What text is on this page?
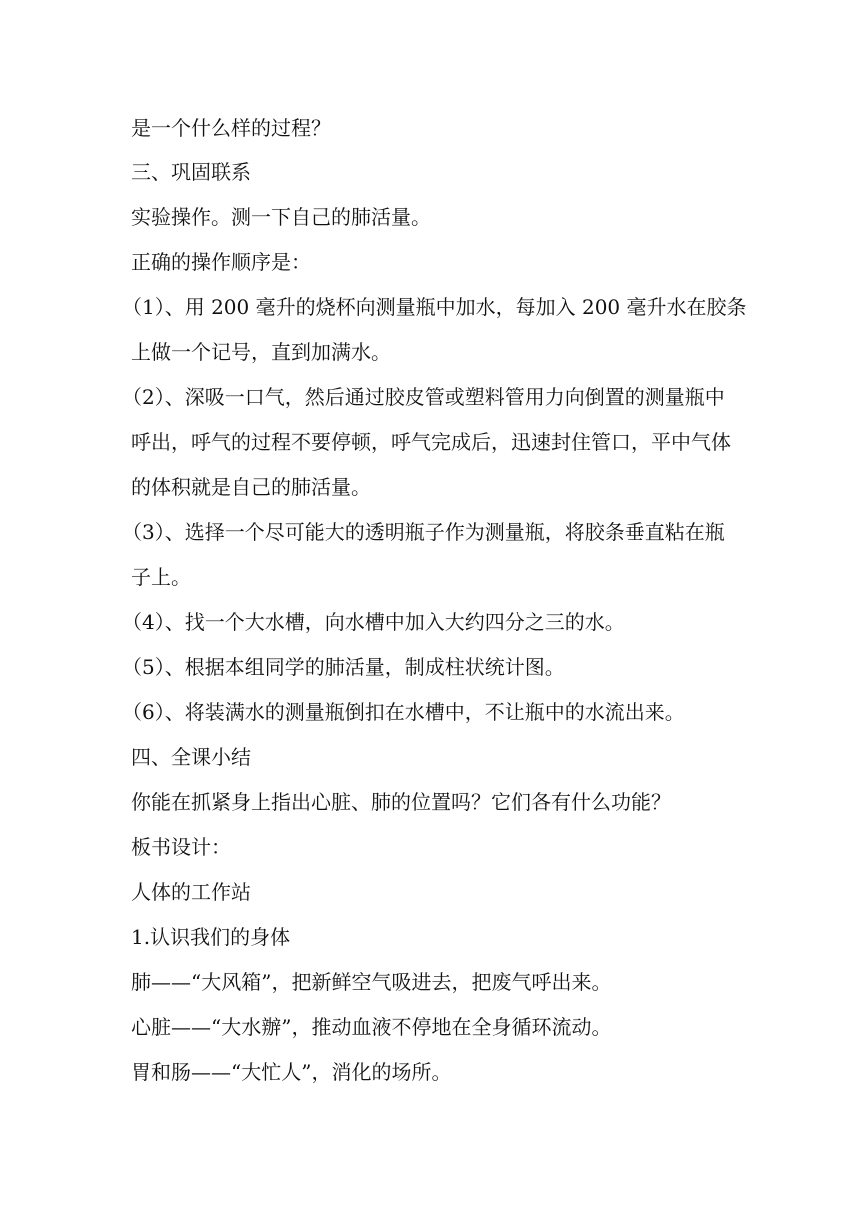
是一个什么样的过程？
三、巩固联系
实验操作。测一下自己的肺活量。
正确的操作顺序是：
（1）、用 200 毫升的烧杯向测量瓶中加水，每加入 200 毫升水在胶条
上做一个记号，直到加满水。
（2）、深吸一口气，然后通过胶皮管或塑料管用力向倒置的测量瓶中
呼出，呼气的过程不要停顿，呼气完成后，迅速封住管口，平中气体
的体积就是自己的肺活量。
（3）、选择一个尽可能大的透明瓶子作为测量瓶，将胶条垂直粘在瓶
子上。
（4）、找一个大水槽，向水槽中加入大约四分之三的水。
（5）、根据本组同学的肺活量，制成柱状统计图。
（6）、将装满水的测量瓶倒扣在水槽中，不让瓶中的水流出来。
四、全课小结
你能在抓紧身上指出心脏、肺的位置吗？它们各有什么功能？
板书设计：
人体的工作站
1.认识我们的身体
肺——“大风箱”，把新鲜空气吸进去，把废气呼出来。
心脏——“大水辦”，推动血液不停地在全身循环流动。
胃和肠——“大忙人”，消化的场所。
